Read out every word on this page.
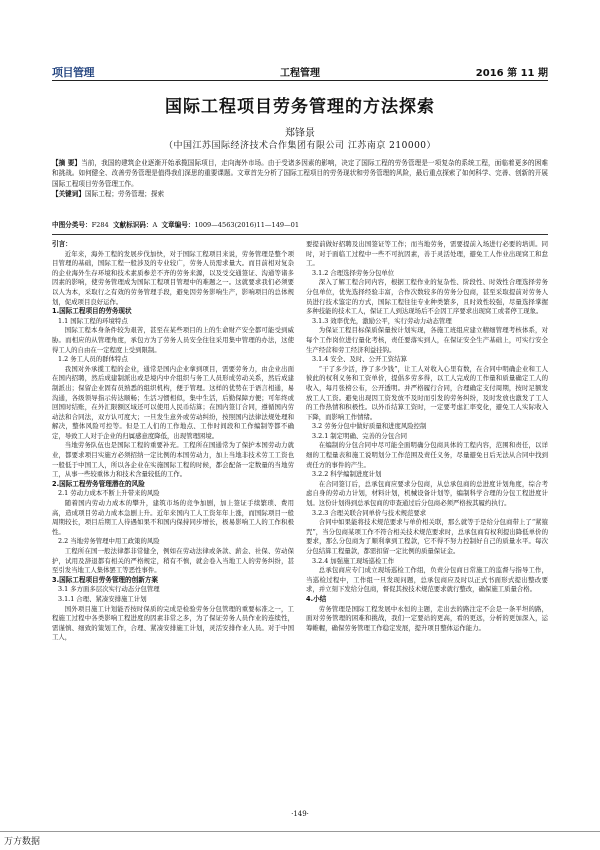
项目管理	工程管理	2016 第 11 期
国际工程项目劳务管理的方法探索
郑锋景
（中国江苏国际经济技术合作集团有限公司 江苏南京 210000）
【摘 要】当前，我国的建筑企业逐渐开始承揽国际项目，走向海外市场。由于受诸多因素的影响，决定了国际工程的劳务管理是一项复杂的系统工程，面临着更多的困难和挑战。如何健全、改善劳务管理是值得我们深思的重要课题。文章首先分析了国际工程项目的劳务现状和劳务管理的风险，最后重点探索了如何科学、完善、创新的开展国际工程项目劳务管理工作。
【关键词】国际工程；劳务管理；探索
中图分类号：F284 文献标识码：A 文章编号：1009—4563(2016)11—149—01
引言：

近年来，海外工程的发展步伐加快，对于国际工程项目来说，劳务管理是整个项目管理的基础，国际工程一般涉及的专业较广，劳务人员需求量大。而目前相对复杂的企业海外生存环境和技术素质参差不齐的劳务来源，以及受交通签证、沟通等诸多因素的影响，使劳务管理成为国际工程项目管理中的难题之一。这就要求我们必须要以人为本，采取行之有效的劳务管理手段，避免因劳务影响生产，影响项目的总体规划，促成项目良好运作。

1.国际工程项目的劳务现状
1.1 国际工程的环境特点

国际工程本身条件较为艰苦，甚至在某些项目的上的生命财产安全都可能受到威胁。而相应的从管理角度，承包方为了劳务人员安全往往采用集中管理的办法，这使得工人的自由在一定程度上受到限制。

1.2 务工人员的群体特点

我国对外承揽工程的企业，通常是国内企业拿到项目，需要劳务力，由企业出面在国内招聘，然后成建制派出或是境内中介组织与务工人员形成劳动关系，然后成建制派出；保留企业固有员熟悉的组织机构，便于管理。这样的优势在于语言相通，易沟通，各级领导指示传达顺畅；生活习惯相似，集中生活，后勤保障方便；可年终或回国时结账，在外汇限额区域还可以使用人民币结算；在国内签订合同，遵循国内劳动法和合同法，双方认可度大；一旦发生意外或劳动纠纷，按照国内法律法规处理和解决，整体风险可控等。但是工人们的工作地点、工作时间段和工作编制等都不确定，导致工人对于企业的归属感意度降低，出现管理困境。

当地劳务队伍也是国际工程的重要补充。工程所在国通常为了保护本国劳动力就业，都要求项目实施方必须招纳一定比例的本国劳动力，加上当地非技术劳工工资也一般低于中国工人，所以各企业在实施国际工程的时候，都会配备一定数量的当地劳工，从事一些较重体力和技术含量较低的工作。

2.国际工程劳务管理潜在的风险
2.1 劳动力成本不断上升带来的风险

随着国内劳动力成本的攀升，建筑市场的竞争加剧，加上签证手续繁琐、费用高，造成项目劳动力成本急剧上升。近年来国内工人工资年年上涨，而国际项目一般周期较长，项目后期工人待遇如果不和国内保持同步增长，极易影响工人的工作积极性。

2.2 当地劳务管理中用工政策的风险

工程所在国一般法律都非常健全，例如在劳动法律或条款、薪金、社保、劳动保护，试用及辞退都有相关的严格规定，稍有不慎，就会卷入当地工人的劳务纠纷，甚至引发当地工人集体罢工等恶性事件。

3.国际工程项目劳务管理的创新方案
3.1 多方面多层次实行动态分包管理
3.1.1 合理、紧凑安排施工计划

国外项目施工计划能否按时保质的完成是检验劳务分包管理的重要标准之一，工程施工过程中各类影响工程进度的因素非常之多，为了保证劳务人员作业的连续性，需谨慎、细致的策划工作，合理、紧凑安排施工计划，灵活安排作业人员。对于中国工人，

要提前做好招聘及出国签证等工作；而当地劳务，需要提前入场进行必要的培训。同时，对于面临工过程中一些不可抗因素，善于灵活处理，避免工人作业出现窝工和怠工。

3.1.2 合理选择劳务分包单位

深入了解工程合同内容，根据工程作业的复杂性、阶段性、时效性合理选择劳务分包单位，优先选择经验丰富，合作次数较多的劳务分包商，甚至采取提前对劳务人员进行技术鉴定的方式，国际工程往往专业种类繁多，且时效性较强，尽量选择掌握多种技能的技术工人，保证工人到达现场后不会因工序要求出现窝工或者停工现象。

3.1.3 效率优先，激励公平，实行劳动力动态管理

为保证工程目标保质保量按计划实现，各施工班组应建立精细管理考核体系，对每个工作岗位进行量化考核，责任要落实到人，在保证安全生产基础上，可实行安全生产经营和劳工经济利益挂钩。

3.1.4 安全、及时、公开工资结算

“干了多少活，挣了多少钱”，让工人对收入心里有数，在合同中明确企业和工人彼此的权利义务和工资单价，提倡多劳多得，以工人完成的工作量和质量确定工人的收入，每月张榜公布，公开透明。并严格履行合同，合理确定支付周期，按时足额发放工人工资。避免出现因工资发放不及时而引发的劳务纠纷，及时发放也激发了工人的工作热情和积极性。以外币结算工资时，一定要考虑汇率变化，避免工人实际收入下降，而影响工作情绪。

3.2 劳务分包中做好质量和进度风险控制
3.2.1 制定明确、完善的分包合同

在编制的分包合同中尽可能全面明确分包商具体的工程内容，范围和责任，以详细的工程量表和施工说明划分工作范围及责任义务，尽量避免日后无法从合同中找到责任方的事件的产生。

3.2.2 科学编制进度计划

在合同签订后，总承包商应要求分包商，从总承包商的总进度计划角度，综合考虑自身的劳动力计划，材料计划，机械设备计划等，编制科学合理的分包工程进度计划。这份计划得到总承包商的审查通过后分包商必须严格按其履约执行。

3.2.3 合理关联合同单价与技术规范要求

合同中如果能将技术规范要求与单价相关联，那么就等于是给分包商带上了“紧箍咒”，当分包商某项工作不符合相关技术规范要求时，总承包商有权利提出降低单价的要求，那么分包商为了顺利拿到工程款，它不得不努力控制好自己的质量水平。每次分包结算工程量款，都需扣留一定比例的质量保证金。

3.2.4 加强施工现场巡检工作

总承包商应专门成立现场巡检工作组，负责分包商日常施工的监督与指导工作，当巡检过程中，工作组一旦发现问题，总承包商应及时以正式书面形式提出整改要求，并立刻下发给分包商，督促其按技术规范要求就行整改，确保施工质量合格。

4.小结

劳务管理是国际工程发展中永恒的主题，走出去的路注定不会是一条平坦的路，面对劳务管理的困难和挑战，我们一定要站的更高，看的更远，分析的更加深入，运筹帷幄，确保劳务管理工作稳定发展，提升项目整体运作能力。

·149·
万方数据
